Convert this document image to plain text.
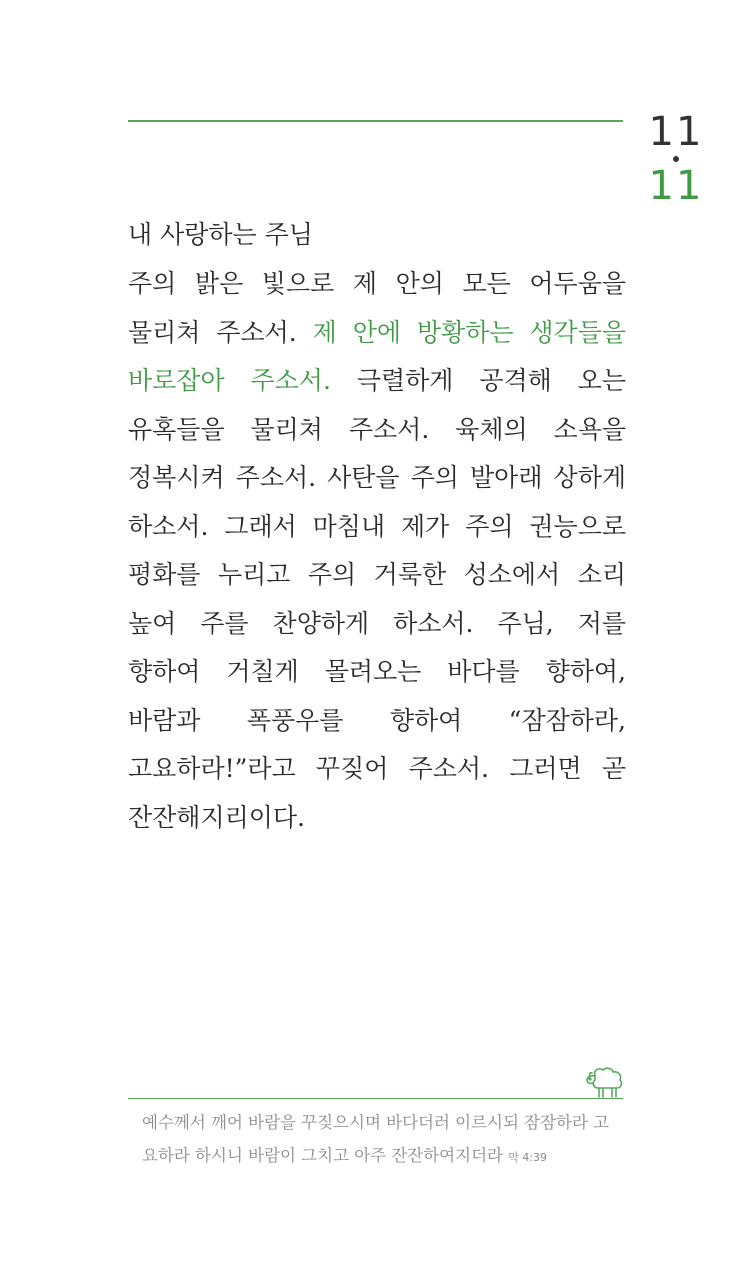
11
11

내 사랑하는 주님

주의 밝은 빛으로 제 안의 모든 어두움을 물리쳐 주소서. 제 안에 방황하는 생각들을 바로잡아 주소서. 극렬하게 공격해 오는 유혹들을 물리쳐 주소서. 육체의 소욕을 정복시켜 주소서. 사탄을 주의 발아래 상하게 하소서. 그래서 마침내 제가 주의 권능으로 평화를 누리고 주의 거룩한 성소에서 소리 높여 주를 찬양하게 하소서. 주님, 저를 향하여 거칠게 몰려오는 바다를 향하여, 바람과 폭풍우를 향하여 “잠잠하라, 고요하라!”라고 꾸짖어 주소서. 그러면 곧 잔잔해지리이다.

예수께서 깨어 바람을 꾸짖으시며 바다더러 이르시되 잠잠하라 고요하라 하시니 바람이 그치고 아주 잔잔하여지더라 막 4:39
